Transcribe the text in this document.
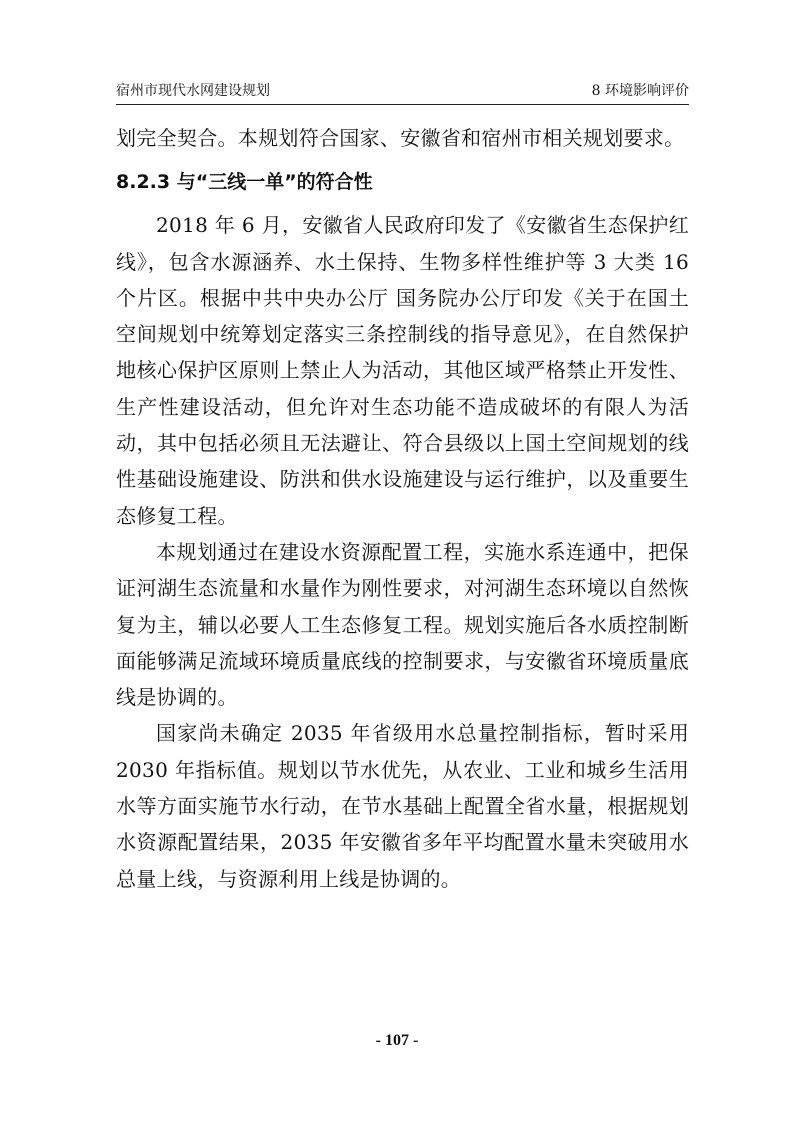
宿州市现代水网建设规划	8 环境影响评价

划完全契合。本规划符合国家、安徽省和宿州市相关规划要求。

8.2.3 与“三线一单”的符合性

2018 年 6 月，安徽省人民政府印发了《安徽省生态保护红线》，包含水源涵养、水土保持、生物多样性维护等 3 大类 16 个片区。根据中共中央办公厅 国务院办公厅印发《关于在国土空间规划中统筹划定落实三条控制线的指导意见》，在自然保护地核心保护区原则上禁止人为活动，其他区域严格禁止开发性、生产性建设活动，但允许对生态功能不造成破坏的有限人为活动，其中包括必须且无法避让、符合县级以上国土空间规划的线性基础设施建设、防洪和供水设施建设与运行维护，以及重要生态修复工程。

本规划通过在建设水资源配置工程，实施水系连通中，把保证河湖生态流量和水量作为刚性要求，对河湖生态环境以自然恢复为主，辅以必要人工生态修复工程。规划实施后各水质控制断面能够满足流域环境质量底线的控制要求，与安徽省环境质量底线是协调的。

国家尚未确定 2035 年省级用水总量控制指标，暂时采用 2030 年指标值。规划以节水优先，从农业、工业和城乡生活用水等方面实施节水行动，在节水基础上配置全省水量，根据规划水资源配置结果，2035 年安徽省多年平均配置水量未突破用水总量上线，与资源利用上线是协调的。

- 107 -
